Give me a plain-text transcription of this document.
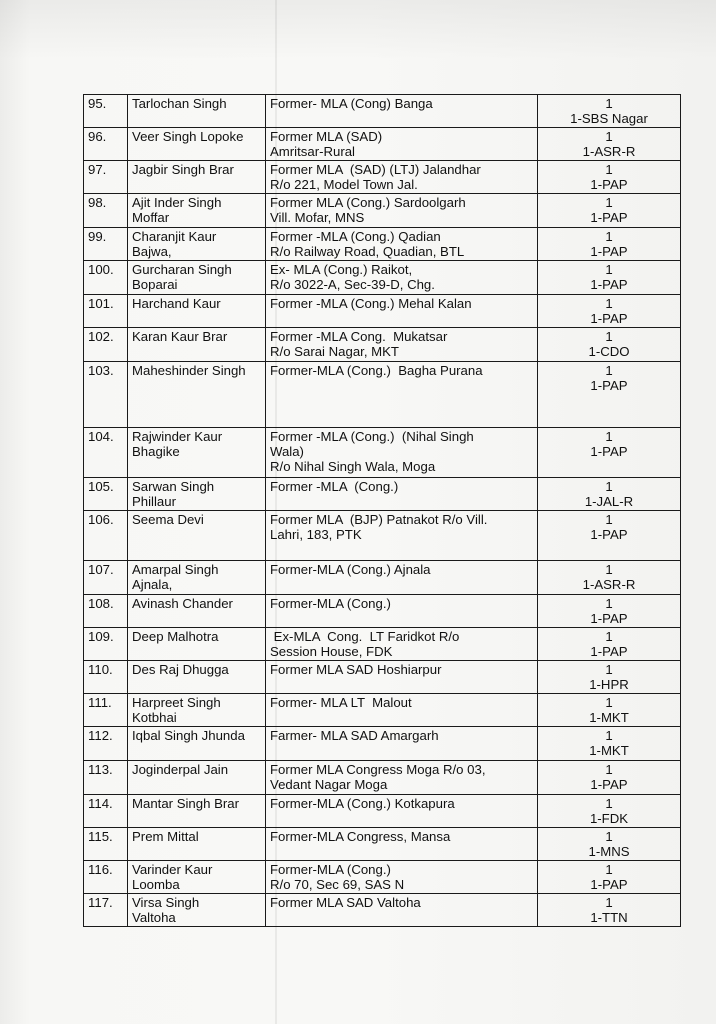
95.	Tarlochan Singh	Former- MLA (Cong) Banga	1
1-SBS Nagar

96.	Veer Singh Lopoke	Former MLA (SAD)
Amritsar-Rural	1
1-ASR-R

97.	Jagbir Singh Brar	Former MLA  (SAD) (LTJ) Jalandhar
R/o 221, Model Town Jal.	1
1-PAP

98.	Ajit Inder Singh
Moffar	Former MLA (Cong.) Sardoolgarh
Vill. Mofar, MNS	1
1-PAP

99.	Charanjit Kaur
Bajwa,	Former -MLA (Cong.) Qadian
R/o Railway Road, Quadian, BTL	1
1-PAP

100.	Gurcharan Singh
Boparai	Ex- MLA (Cong.) Raikot,
R/o 3022-A, Sec-39-D, Chg.	1
1-PAP

101.	Harchand Kaur	Former -MLA (Cong.) Mehal Kalan	1
1-PAP

102.	Karan Kaur Brar	Former -MLA Cong.  Mukatsar
R/o Sarai Nagar, MKT	1
1-CDO

103.	Maheshinder Singh	Former-MLA (Cong.)  Bagha Purana	1
1-PAP

104.	Rajwinder Kaur
Bhagike	Former -MLA (Cong.)  (Nihal Singh
Wala)
R/o Nihal Singh Wala, Moga	1
1-PAP

105.	Sarwan Singh
Phillaur	Former -MLA  (Cong.)	1
1-JAL-R

106.	Seema Devi	Former MLA  (BJP) Patnakot R/o Vill.
Lahri, 183, PTK	1
1-PAP

107.	Amarpal Singh
Ajnala,	Former-MLA (Cong.) Ajnala	1
1-ASR-R

108.	Avinash Chander	Former-MLA (Cong.)	1
1-PAP

109.	Deep Malhotra	Ex-MLA  Cong.  LT Faridkot R/o
Session House, FDK	1
1-PAP

110.	Des Raj Dhugga	Former MLA SAD Hoshiarpur	1
1-HPR

111.	Harpreet Singh
Kotbhai	Former- MLA LT  Malout	1
1-MKT

112.	Iqbal Singh Jhunda	Farmer- MLA SAD Amargarh	1
1-MKT

113.	Joginderpal Jain	Former MLA Congress Moga R/o 03,
Vedant Nagar Moga	1
1-PAP

114.	Mantar Singh Brar	Former-MLA (Cong.) Kotkapura	1
1-FDK

115.	Prem Mittal	Former-MLA Congress, Mansa	1
1-MNS

116.	Varinder Kaur
Loomba	Former-MLA (Cong.)
R/o 70, Sec 69, SAS N	1
1-PAP

117.	Virsa Singh
Valtoha	Former MLA SAD Valtoha	1
1-TTN
